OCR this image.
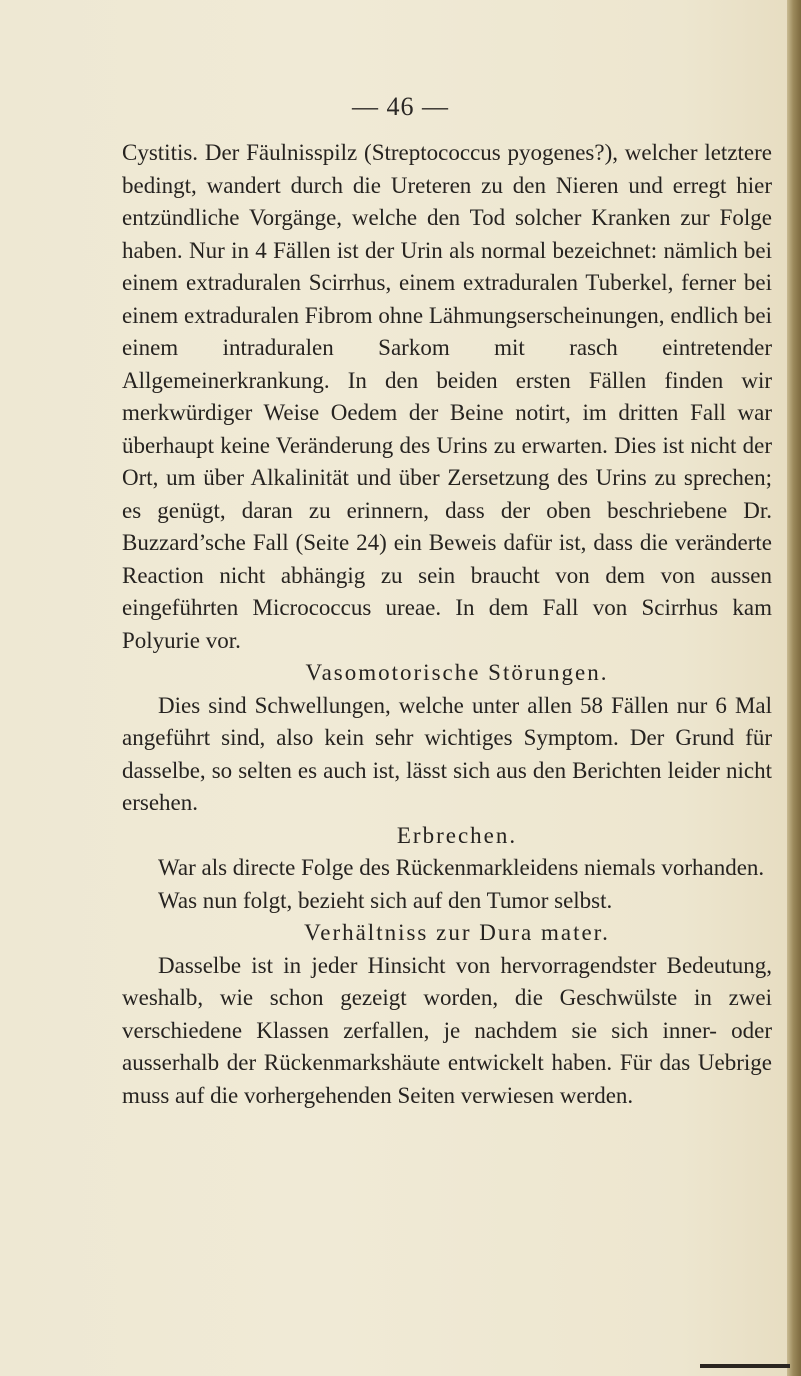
— 46 —

Cystitis. Der Fäulnisspilz (Streptococcus pyogenes?), welcher letztere bedingt, wandert durch die Ureteren zu den Nieren und erregt hier entzündliche Vorgänge, welche den Tod solcher Kranken zur Folge haben. Nur in 4 Fällen ist der Urin als normal bezeichnet: nämlich bei einem extraduralen Scirrhus, einem extraduralen Tuberkel, ferner bei einem extraduralen Fibrom ohne Lähmungserscheinungen, endlich bei einem intraduralen Sarkom mit rasch eintretender Allgemeinerkrankung. In den beiden ersten Fällen finden wir merkwürdiger Weise Oedem der Beine notirt, im dritten Fall war überhaupt keine Veränderung des Urins zu erwarten. Dies ist nicht der Ort, um über Alkalinität und über Zersetzung des Urins zu sprechen; es genügt, daran zu erinnern, dass der oben beschriebene Dr. Buzzard’sche Fall (Seite 24) ein Beweis dafür ist, dass die veränderte Reaction nicht abhängig zu sein braucht von dem von aussen eingeführten Micrococcus ureae. In dem Fall von Scirrhus kam Polyurie vor.

Vasomotorische Störungen.

Dies sind Schwellungen, welche unter allen 58 Fällen nur 6 Mal angeführt sind, also kein sehr wichtiges Symptom. Der Grund für dasselbe, so selten es auch ist, lässt sich aus den Berichten leider nicht ersehen.

Erbrechen.

War als directe Folge des Rückenmarkleidens niemals vorhanden.

Was nun folgt, bezieht sich auf den Tumor selbst.

Verhältniss zur Dura mater.

Dasselbe ist in jeder Hinsicht von hervorragendster Bedeutung, weshalb, wie schon gezeigt worden, die Geschwülste in zwei verschiedene Klassen zerfallen, je nachdem sie sich inner- oder ausserhalb der Rückenmarkshäute entwickelt haben. Für das Uebrige muss auf die vorhergehenden Seiten verwiesen werden.
